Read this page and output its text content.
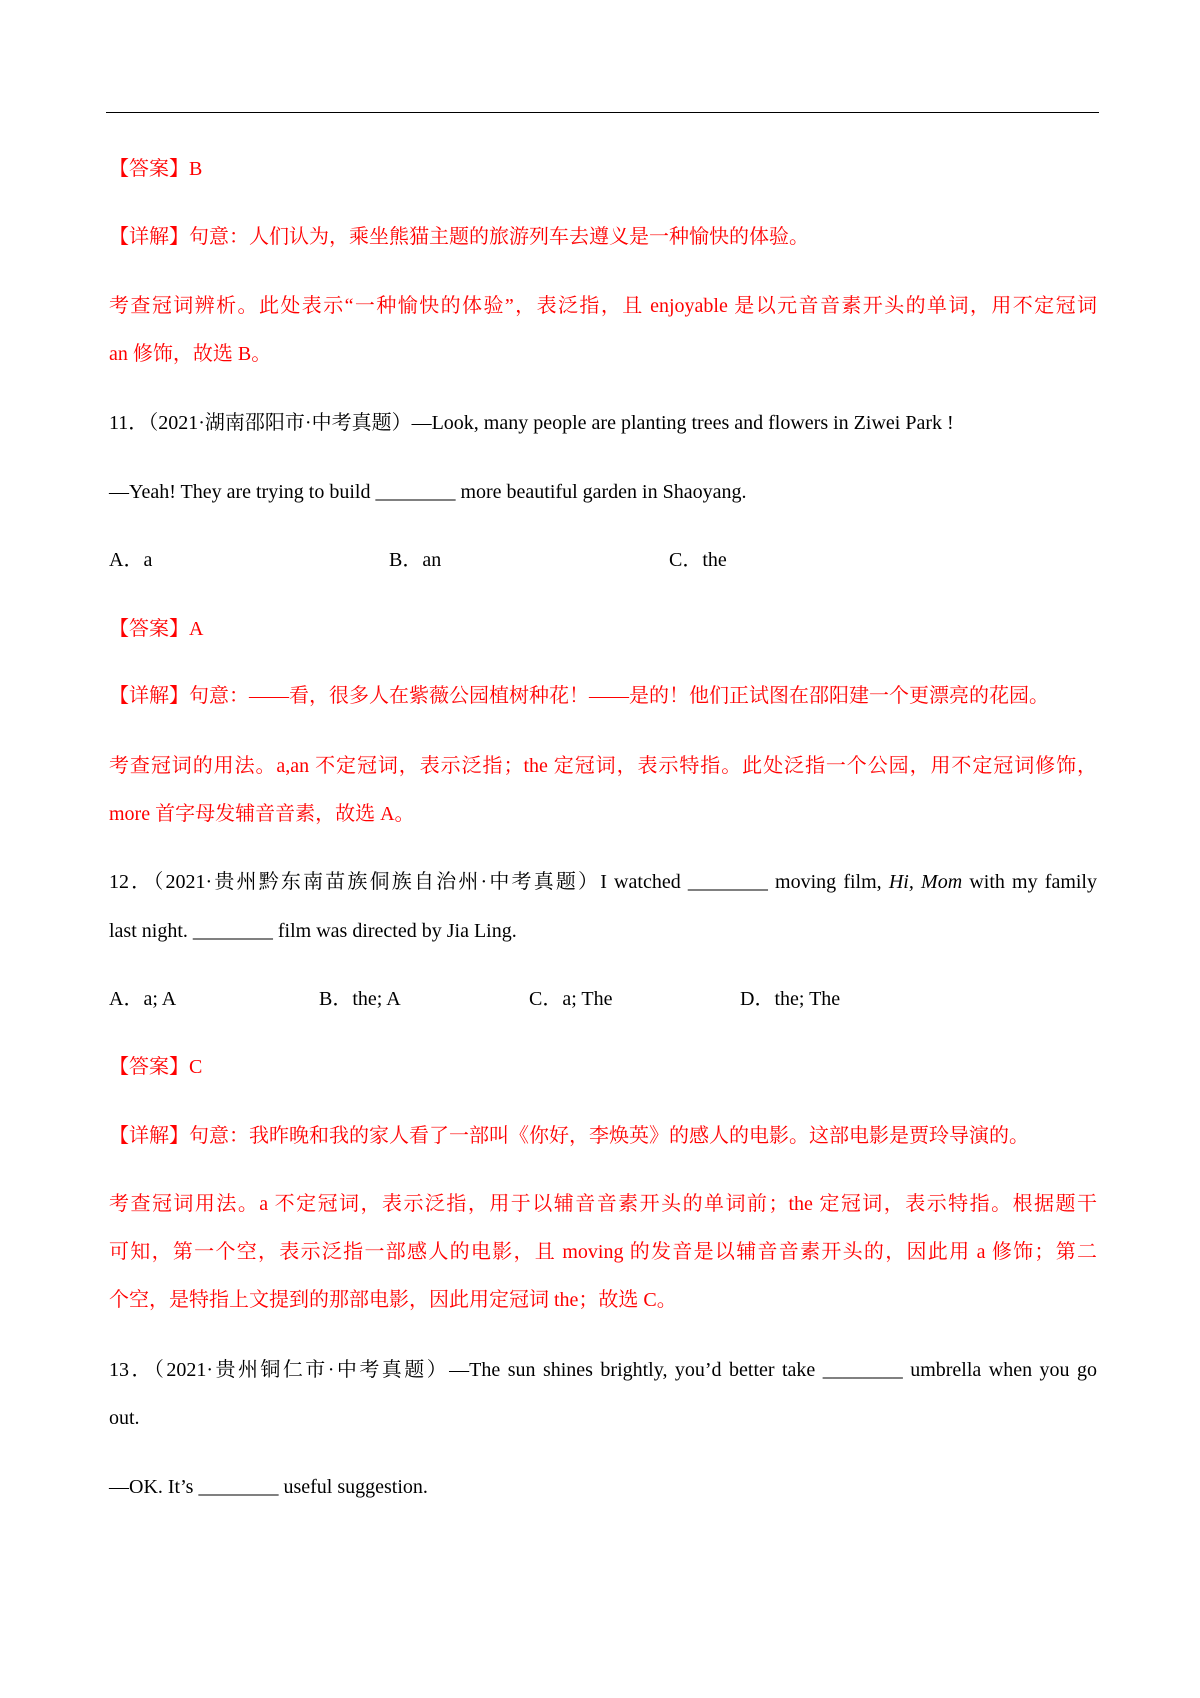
【答案】B
【详解】句意：人们认为，乘坐熊猫主题的旅游列车去遵义是一种愉快的体验。
考查冠词辨析。此处表示“一种愉快的体验”，表泛指，且 enjoyable 是以元音音素开头的单词，用不定冠词
an 修饰，故选 B。
11．（2021·湖南邵阳市·中考真题）—Look, many people are planting trees and flowers in Ziwei Park !
—Yeah! They are trying to build ________ more beautiful garden in Shaoyang.
A．a	B．an	C．the
【答案】A
【详解】句意：——看，很多人在紫薇公园植树种花！——是的！他们正试图在邵阳建一个更漂亮的花园。
考查冠词的用法。a,an 不定冠词，表示泛指；the 定冠词，表示特指。此处泛指一个公园，用不定冠词修饰，
more 首字母发辅音音素，故选 A。
12．（2021·贵州黔东南苗族侗族自治州·中考真题）I watched ________ moving film, Hi, Mom with my family
last night. ________ film was directed by Jia Ling.
A．a; A	B．the; A	C．a; The	D．the; The
【答案】C
【详解】句意：我昨晚和我的家人看了一部叫《你好，李焕英》的感人的电影。这部电影是贾玲导演的。
考查冠词用法。a 不定冠词，表示泛指，用于以辅音音素开头的单词前；the 定冠词，表示特指。根据题干
可知，第一个空，表示泛指一部感人的电影，且 moving 的发音是以辅音音素开头的，因此用 a 修饰；第二
个空，是特指上文提到的那部电影，因此用定冠词 the；故选 C。
13．（2021·贵州铜仁市·中考真题）—The sun shines brightly, you’d better take ________ umbrella when you go
out.
—OK. It’s ________ useful suggestion.
